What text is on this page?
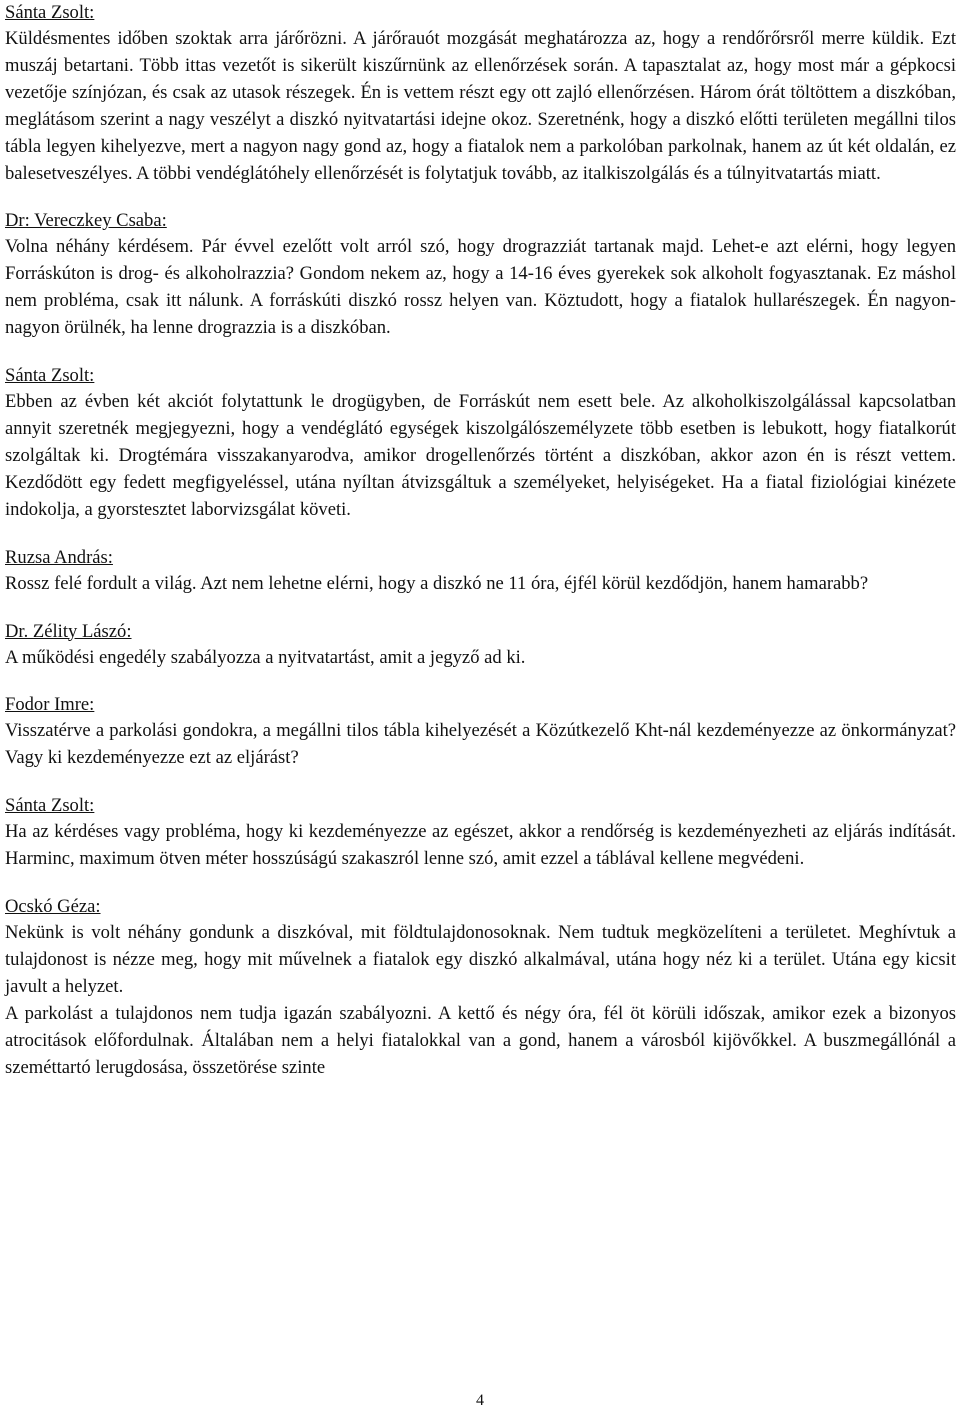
Sánta Zsolt:

Küldésmentes időben szoktak arra járőrözni. A járőrauót mozgását meghatározza az, hogy a rendőrőrsről merre küldik. Ezt muszáj betartani. Több ittas vezetőt is sikerült kiszűrnünk az ellenőrzések során. A tapasztalat az, hogy most már a gépkocsi vezetője színjózan, és csak az utasok részegek. Én is vettem részt egy ott zajló ellenőrzésen. Három órát töltöttem a diszkóban, meglátásom szerint a nagy veszélyt a diszkó nyitvatartási idejne okoz. Szeretnénk, hogy a diszkó előtti területen megállni tilos tábla legyen kihelyezve, mert a nagyon nagy gond az, hogy a fiatalok nem a parkolóban parkolnak, hanem az út két oldalán, ez balesetveszélyes. A többi vendéglátóhely ellenőrzését is folytatjuk tovább, az italkiszolgálás és a túlnyitvatartás miatt.

Dr: Vereczkey Csaba:

Volna néhány kérdésem. Pár évvel ezelőtt volt arról szó, hogy drograzziát tartanak majd. Lehet-e azt elérni, hogy legyen Forráskúton is drog- és alkoholrazzia? Gondom nekem az, hogy a 14-16 éves gyerekek sok alkoholt fogyasztanak. Ez máshol nem probléma, csak itt nálunk. A forráskúti diszkó rossz helyen van. Köztudott, hogy a fiatalok hullarészegek. Én nagyon-nagyon örülnék, ha lenne drograzzia is a diszkóban.

Sánta Zsolt:

Ebben az évben két akciót folytattunk le drogügyben, de Forráskút nem esett bele. Az alkoholkiszolgálással kapcsolatban annyit szeretnék megjegyezni, hogy a vendéglátó egységek kiszolgálószemélyzete több esetben is lebukott, hogy fiatalkorút szolgáltak ki. Drogtémára visszakanyarodva, amikor drogellenőrzés történt a diszkóban, akkor azon én is részt vettem. Kezdődött egy fedett megfigyeléssel, utána nyíltan átvizsgáltuk a személyeket, helyiségeket. Ha a fiatal fiziológiai kinézete indokolja, a gyorstesztet laborvizsgálat követi.

Ruzsa András:

Rossz felé fordult a világ. Azt nem lehetne elérni, hogy a diszkó ne 11 óra, éjfél körül kezdődjön, hanem hamarabb?

Dr. Zélity Lászó:

A működési engedély szabályozza a nyitvatartást, amit a jegyző ad ki.

Fodor Imre:

Visszatérve a parkolási gondokra, a megállni tilos tábla kihelyezését a Közútkezelő Kht-nál kezdeményezze az önkormányzat? Vagy ki kezdeményezze ezt az eljárást?

Sánta Zsolt:

Ha az kérdéses vagy probléma, hogy ki kezdeményezze az egészet, akkor a rendőrség is kezdeményezheti az eljárás indítását. Harminc, maximum ötven méter hosszúságú szakaszról lenne szó, amit ezzel a táblával kellene megvédeni.

Ocskó Géza:

Nekünk is volt néhány gondunk a diszkóval, mit földtulajdonosoknak. Nem tudtuk megközelíteni a területet. Meghívtuk a tulajdonost is nézze meg, hogy mit művelnek a fiatalok egy diszkó alkalmával, utána hogy néz ki a terület. Utána egy kicsit javult a helyzet.

A parkolást a tulajdonos nem tudja igazán szabályozni. A kettő és négy óra, fél öt körüli időszak, amikor ezek a bizonyos atrocitások előfordulnak. Általában nem a helyi fiatalokkal van a gond, hanem a városból kijövőkkel. A buszmegállónál a szeméttartó lerugdosása, összetörése szinte

4
